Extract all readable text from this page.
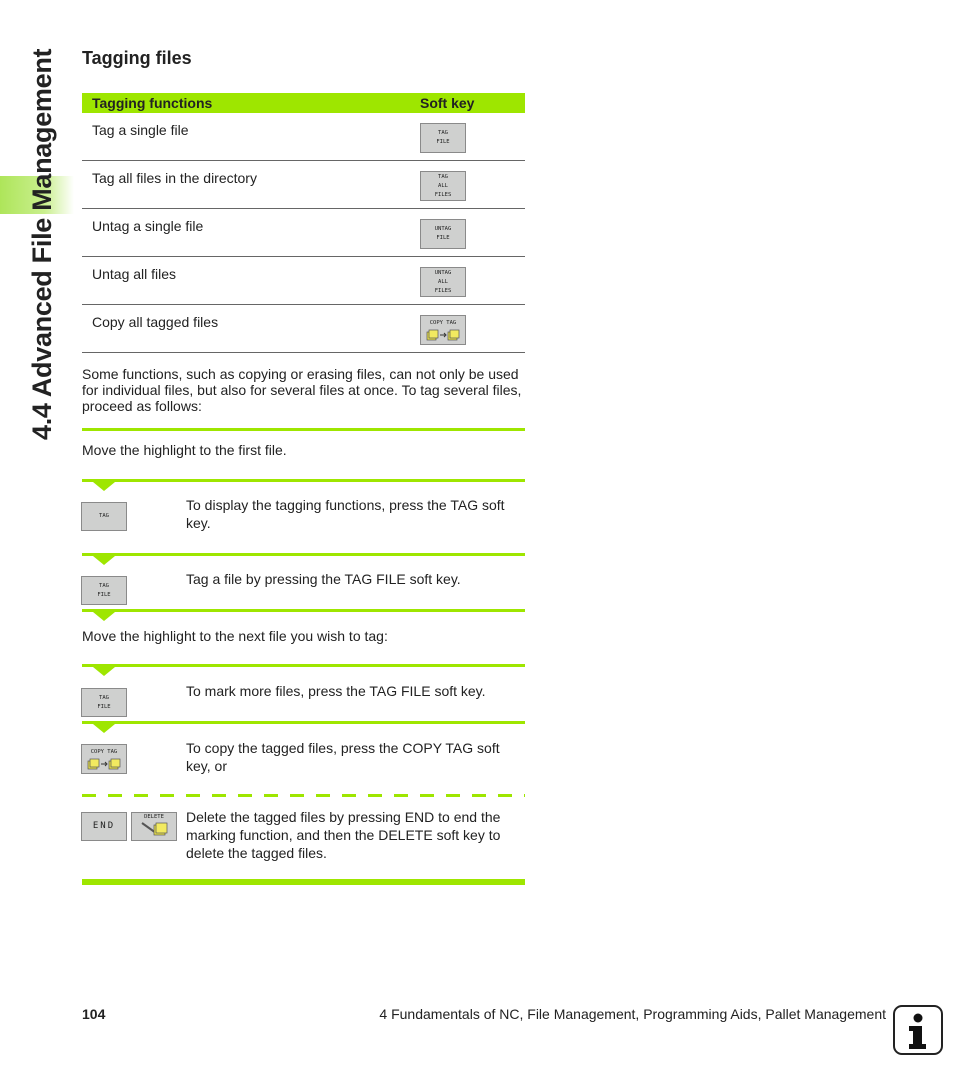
4.4 Advanced File Management	Tagging files
Tagging functions	Soft key
Tag a single file	TAG
FILE
Tag all files in the directory	TAG
ALL
FILES
Untag a single file	UNTAG
FILE
Untag all files	UNTAG
ALL
FILES
Copy all tagged files	COPY TAG

Some functions, such as copying or erasing files, can not only be used for individual files, but also for several files at once. To tag several files, proceed as follows:

Move the highlight to the first file.

TAG

To display the tagging functions, press the TAG soft key.

TAG
FILE

Tag a file by pressing the TAG FILE soft key.

Move the highlight to the next file you wish to tag:

TAG
FILE

To mark more files, press the TAG FILE soft key.

COPY TAG	To copy the tagged files, press the COPY TAG soft key, or

END
DELETE Delete the tagged files by pressing END to end the marking function, and then the DELETE soft key to delete the tagged files.

104	4 Fundamentals of NC, File Management, Programming Aids, Pallet Management
